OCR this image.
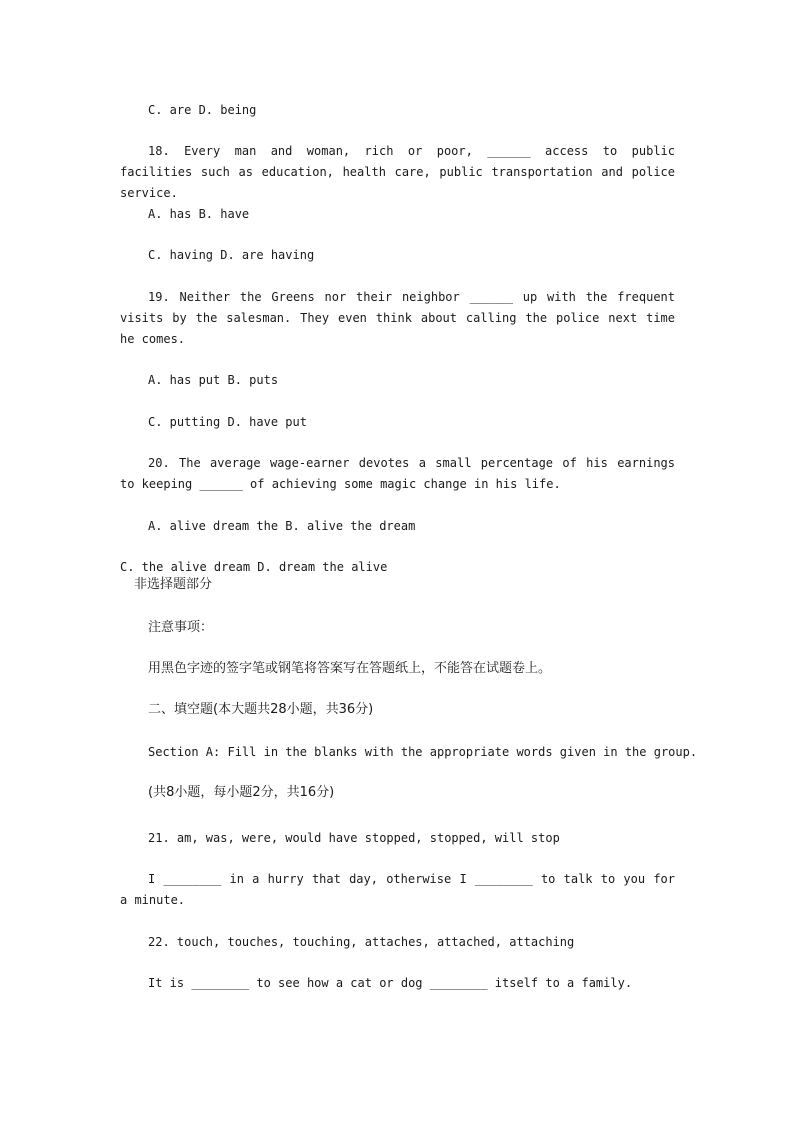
C. are D. being
18. Every man and woman, rich or poor, ______ access to public facilities such as education, health care, public transportation and police service.
A. has B. have
C. having D. are having
19. Neither the Greens nor their neighbor ______ up with the frequent visits by the salesman. They even think about calling the police next time he comes.
A. has put B. puts
C. putting D. have put
20. The average wage-earner devotes a small percentage of his earnings to keeping ______ of achieving some magic change in his life.
A. alive dream the B. alive the dream
C. the alive dream D. dream the alive
非选择题部分
注意事项：
用黑色字迹的签字笔或钢笔将答案写在答题纸上，不能答在试题卷上。
二、填空题(本大题共28小题，共36分)
Section A: Fill in the blanks with the appropriate words given in the group.
(共8小题，每小题2分，共16分)
21. am, was, were, would have stopped, stopped, will stop
I ________ in a hurry that day, otherwise I ________ to talk to you for a minute.
22. touch, touches, touching, attaches, attached, attaching
It is ________ to see how a cat or dog ________ itself to a family.
